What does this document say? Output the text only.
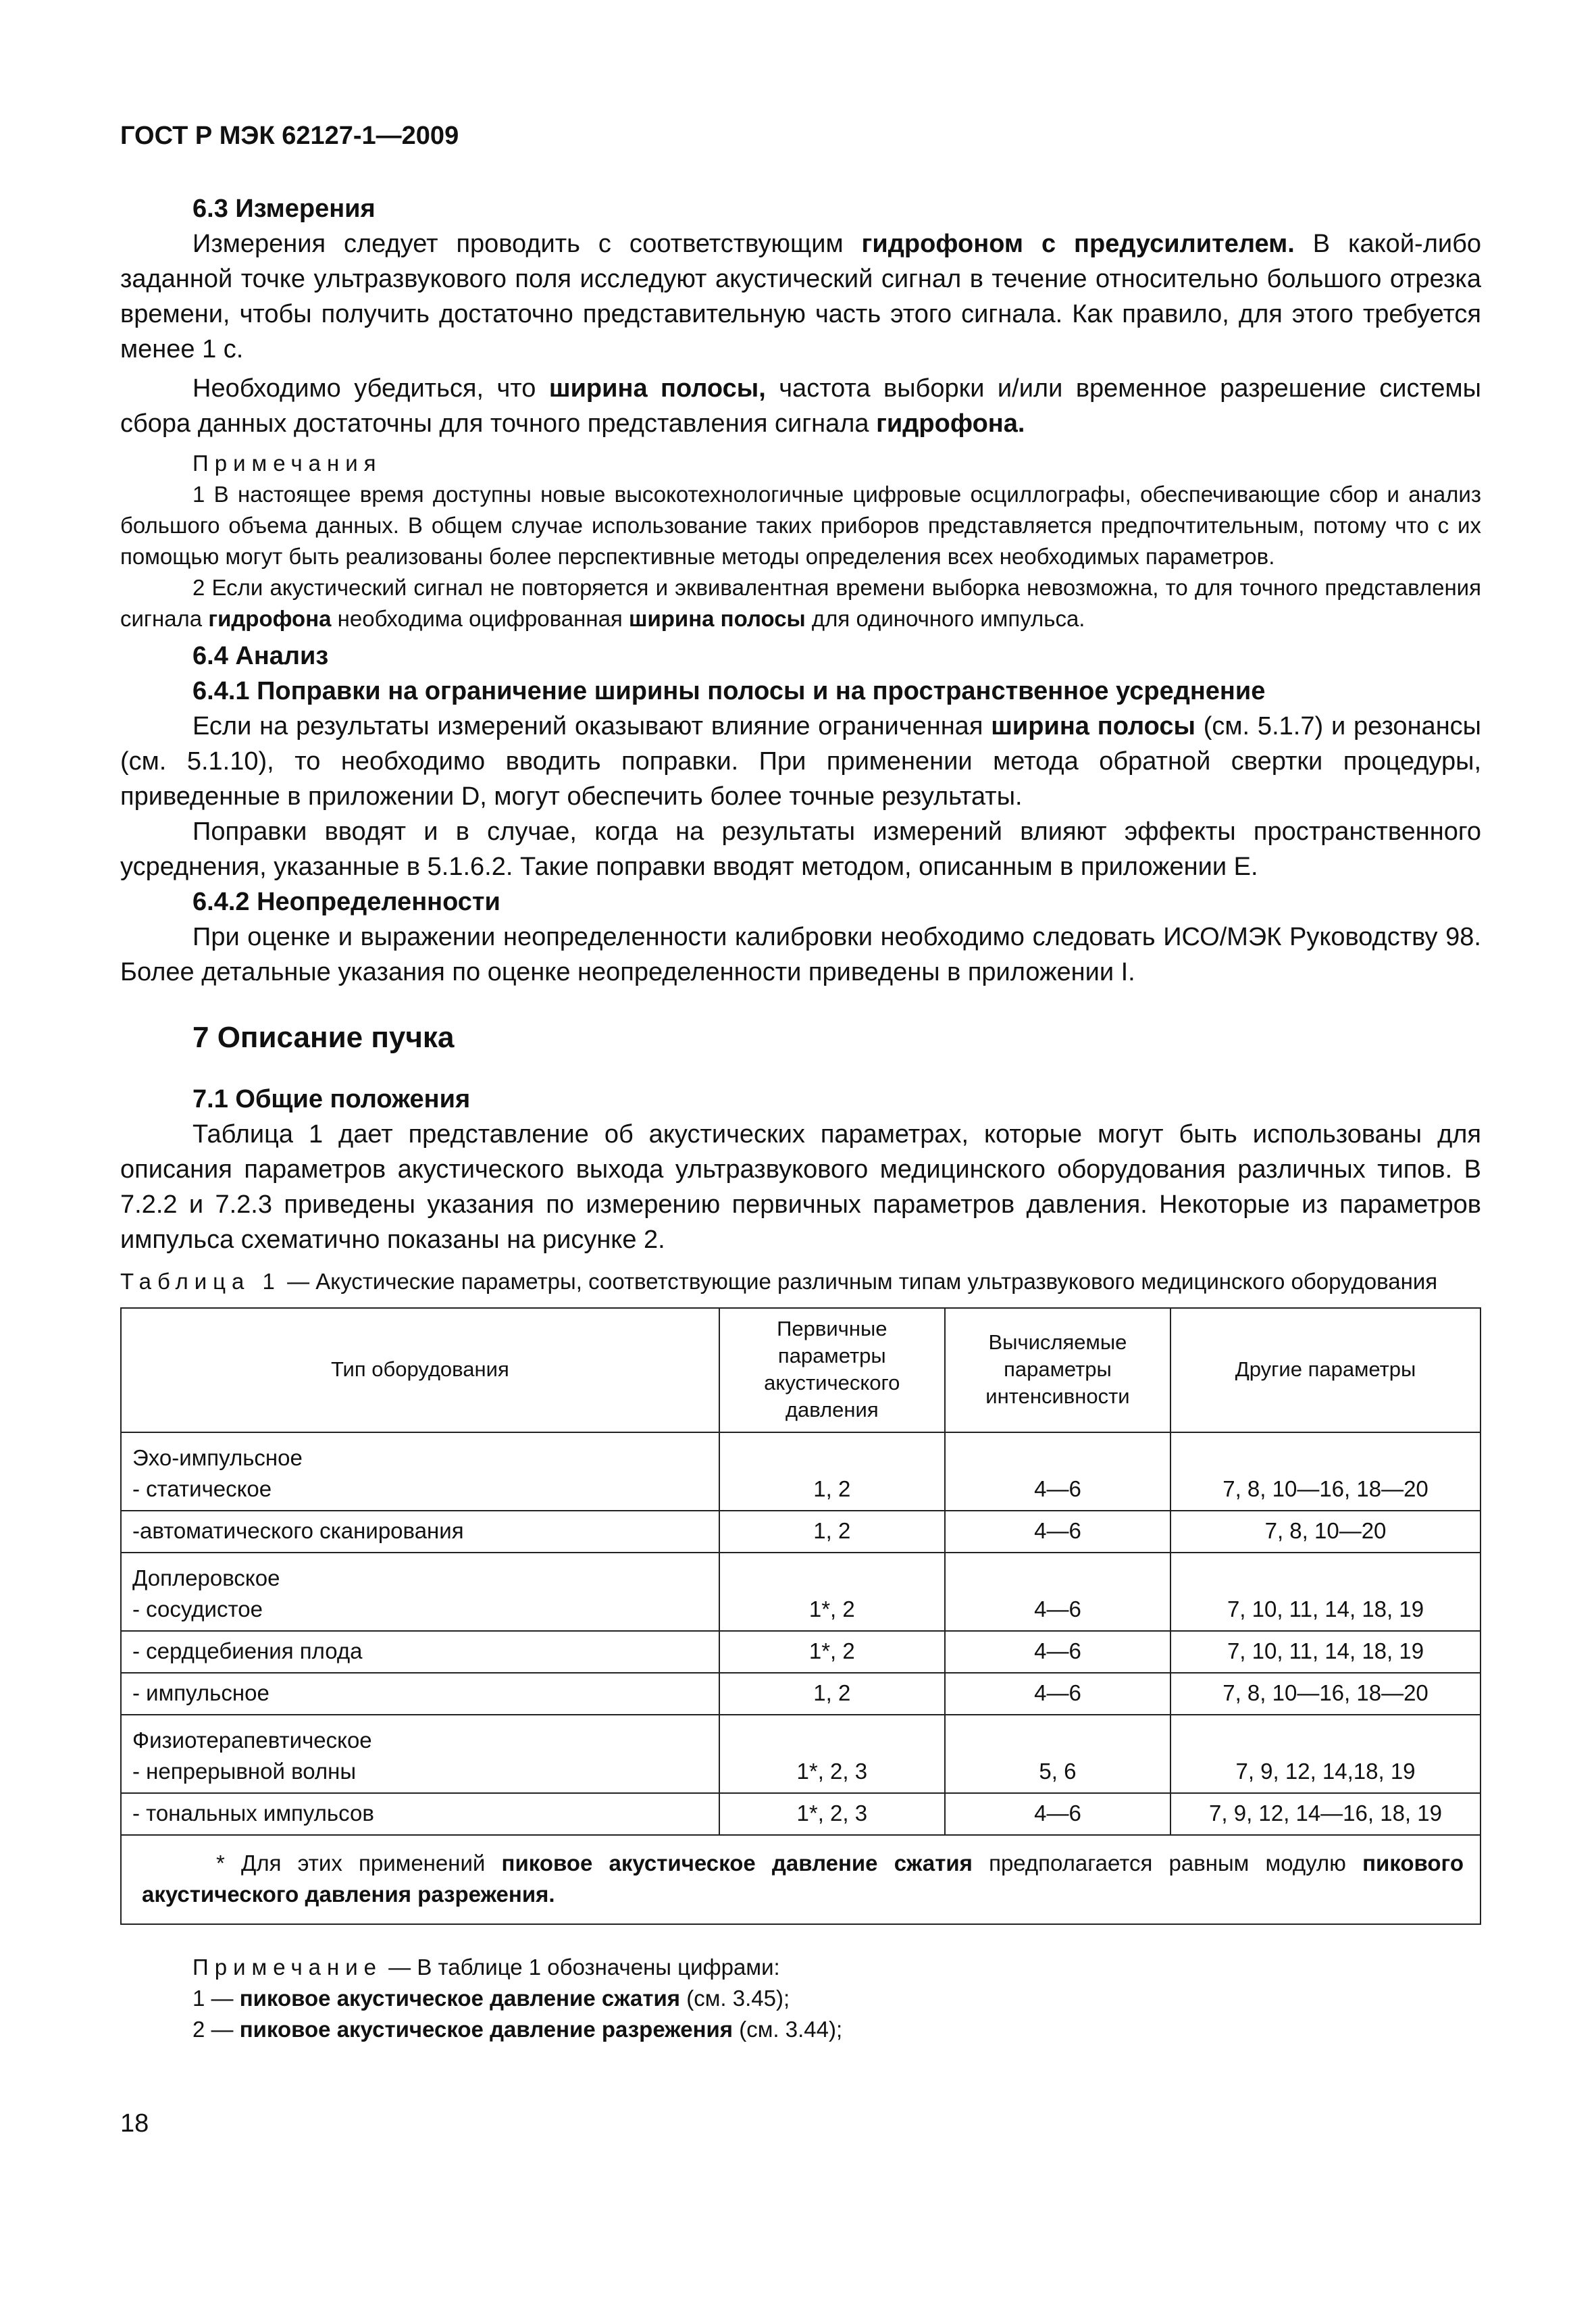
ГОСТ Р МЭК 62127-1—2009
6.3 Измерения

Измерения следует проводить с соответствующим гидрофоном с предусилителем. В какой-либо заданной точке ультразвукового поля исследуют акустический сигнал в течение относительно большого отрезка времени, чтобы получить достаточно представительную часть этого сигнала. Как правило, для этого требуется менее 1 с.

Необходимо убедиться, что ширина полосы, частота выборки и/или временное разрешение системы сбора данных достаточны для точного представления сигнала гидрофона.

Примечания

1 В настоящее время доступны новые высокотехнологичные цифровые осциллографы, обеспечивающие сбор и анализ большого объема данных. В общем случае использование таких приборов представляется предпочтительным, потому что с их помощью могут быть реализованы более перспективные методы определения всех необходимых параметров.

2 Если акустический сигнал не повторяется и эквивалентная времени выборка невозможна, то для точного представления сигнала гидрофона необходима оцифрованная ширина полосы для одиночного импульса.

6.4 Анализ
6.4.1 Поправки на ограничение ширины полосы и на пространственное усреднение

Если на результаты измерений оказывают влияние ограниченная ширина полосы (см. 5.1.7) и резонансы (см. 5.1.10), то необходимо вводить поправки. При применении метода обратной свертки процедуры, приведенные в приложении D, могут обеспечить более точные результаты.

Поправки вводят и в случае, когда на результаты измерений влияют эффекты пространственного усреднения, указанные в 5.1.6.2. Такие поправки вводят методом, описанным в приложении Е.

6.4.2 Неопределенности

При оценке и выражении неопределенности калибровки необходимо следовать ИСО/МЭК Руководству 98. Более детальные указания по оценке неопределенности приведены в приложении I.

7 Описание пучка
7.1 Общие положения

Таблица 1 дает представление об акустических параметрах, которые могут быть использованы для описания параметров акустического выхода ультразвукового медицинского оборудования различных типов. В 7.2.2 и 7.2.3 приведены указания по измерению первичных параметров давления. Некоторые из параметров импульса схематично показаны на рисунке 2.

Таблица 1 — Акустические параметры, соответствующие различным типам ультразвукового медицинского оборудования
Тип оборудования	Первичные параметры акустического давления	Вычисляемые параметры интенсивности	Другие параметры

Эхо-импульсное
- статическое	1, 2	4—6	7, 8, 10—16, 18—20
-автоматического сканирования	1, 2	4—6	7, 8, 10—20

Доплеровское
- сосудистое	1*, 2	4—6	7, 10, 11, 14, 18, 19
- сердцебиения плода	1*, 2	4—6	7, 10, 11, 14, 18, 19
- импульсное	1, 2	4—6	7, 8, 10—16, 18—20

Физиотерапевтическое
- непрерывной волны	1*, 2, 3	5, 6	7, 9, 12, 14,18, 19
- тональных импульсов	1*, 2, 3	4—6	7, 9, 12, 14—16, 18, 19

* Для этих применений пиковое акустическое давление сжатия предполагается равным модулю пикового акустического давления разрежения.			

Примечание — В таблице 1 обозначены цифрами:

1 — пиковое акустическое давление сжатия (см. 3.45);

2 — пиковое акустическое давление разрежения (см. 3.44);

18
